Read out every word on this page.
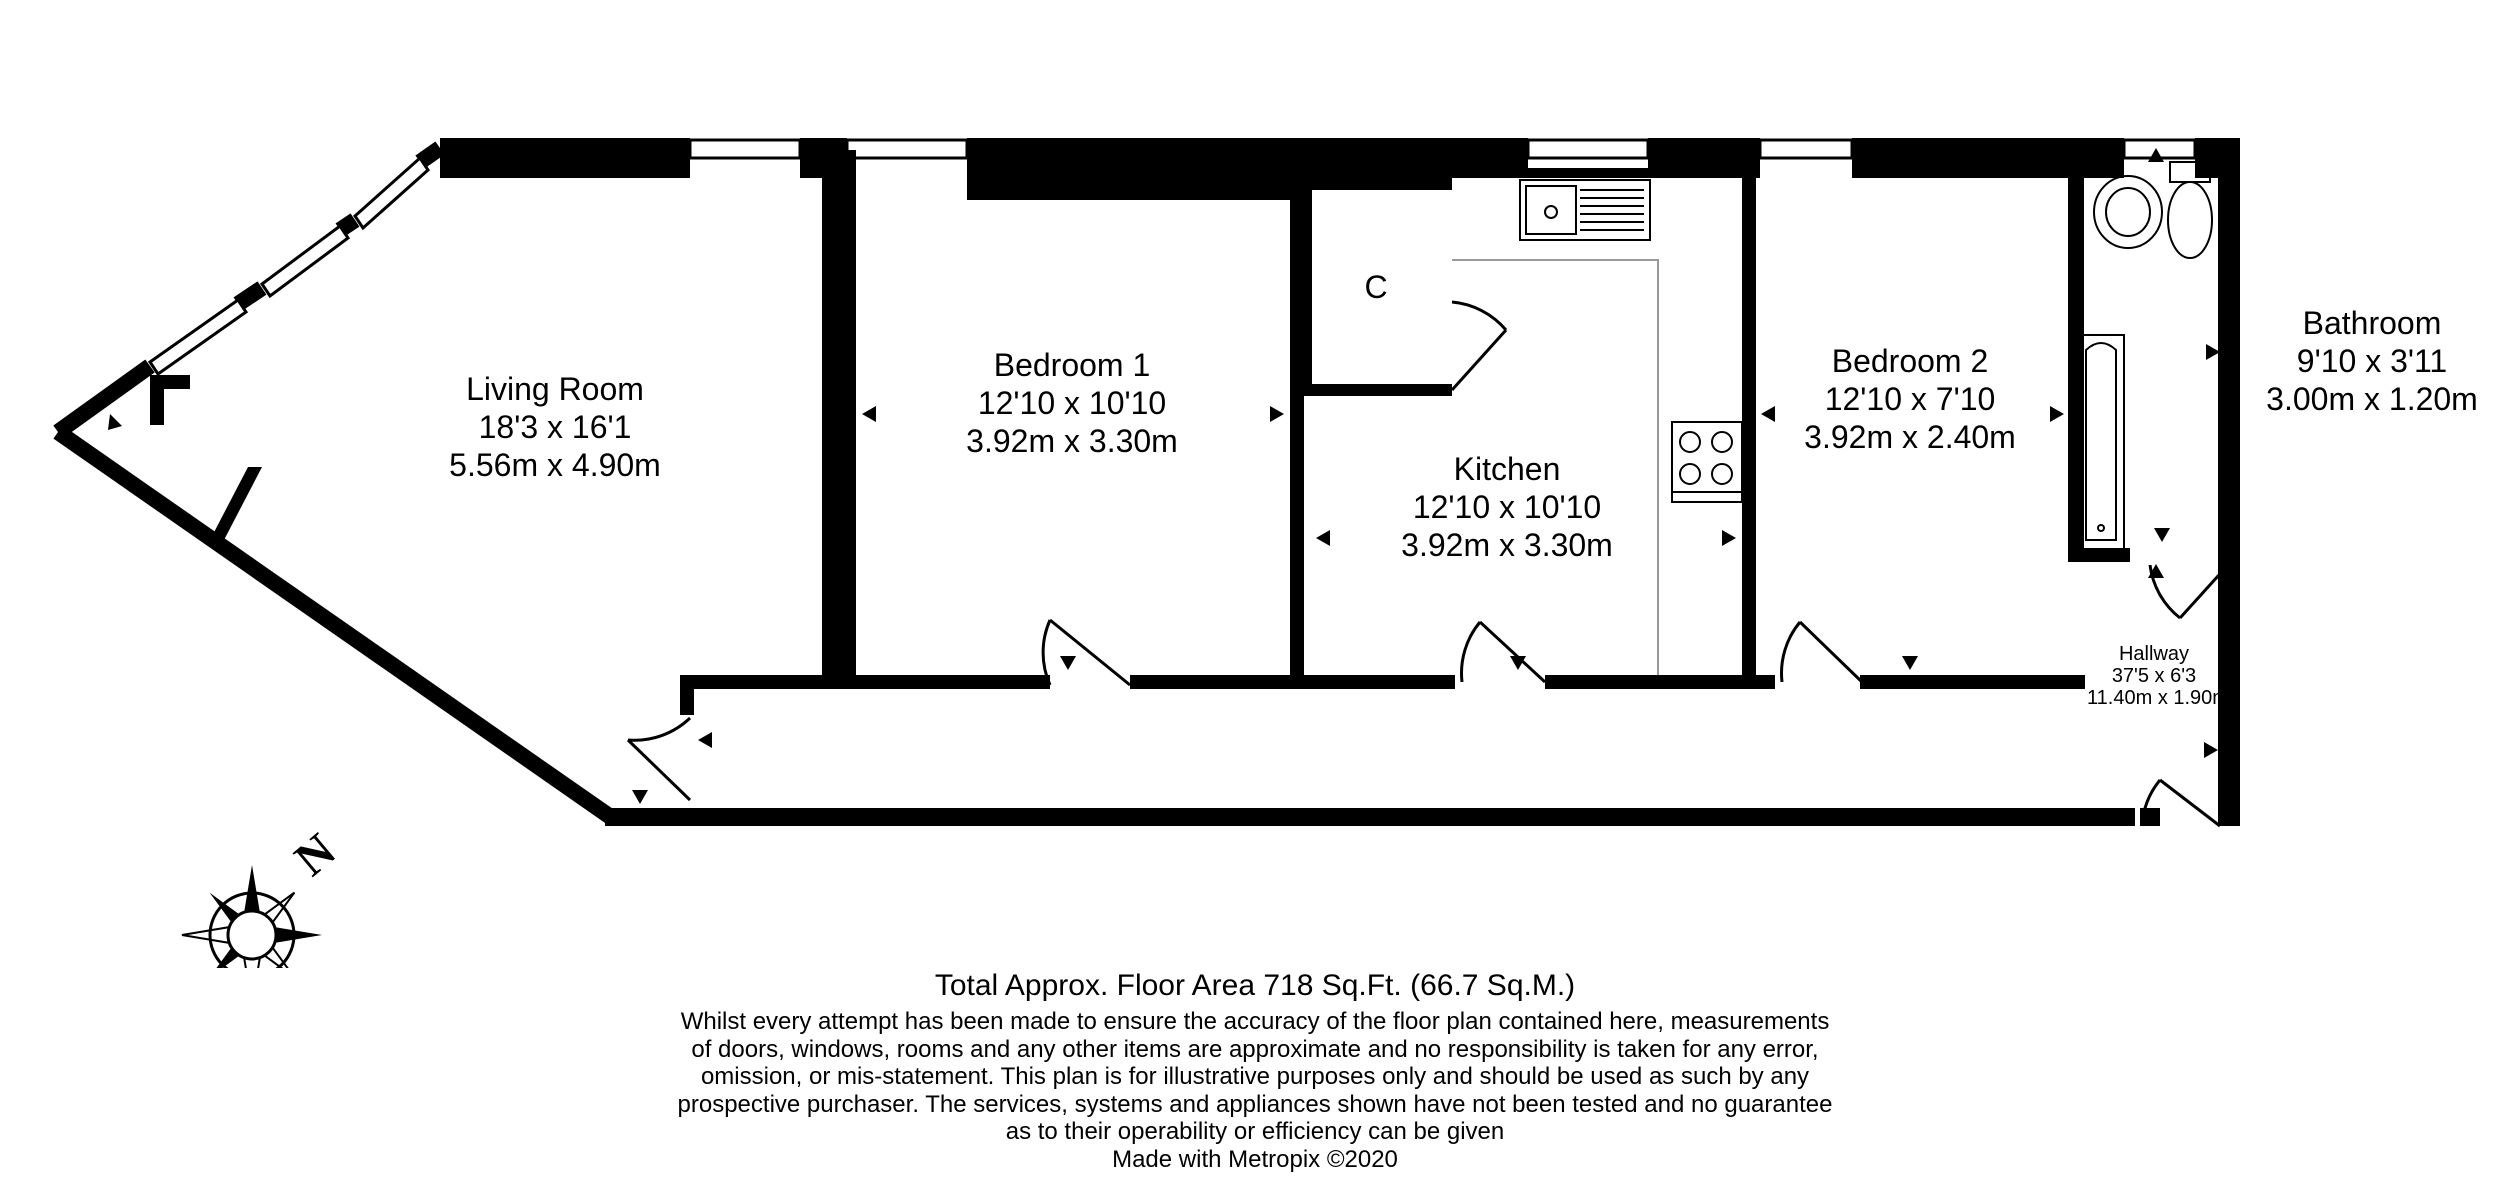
Living Room
18'3 x 16'1
5.56m x 4.90m
Bedroom 1
12'10 x 10'10
3.92m x 3.30m
C
Kitchen
12'10 x 10'10
3.92m x 3.30m
Bedroom 2
12'10 x 7'10
3.92m x 2.40m
Bathroom
9'10 x 3'11
3.00m x 1.20m
Hallway
37'5 x 6'3
11.40m x 1.90m
N
Total Approx. Floor Area 718 Sq.Ft. (66.7 Sq.M.)
Whilst every attempt has been made to ensure the accuracy of the floor plan contained here, measurements
of doors, windows, rooms and any other items are approximate and no responsibility is taken for any error,
omission, or mis-statement. This plan is for illustrative purposes only and should be used as such by any
prospective purchaser. The services, systems and appliances shown have not been tested and no guarantee
as to their operability or efficiency can be given
Made with Metropix ©2020
